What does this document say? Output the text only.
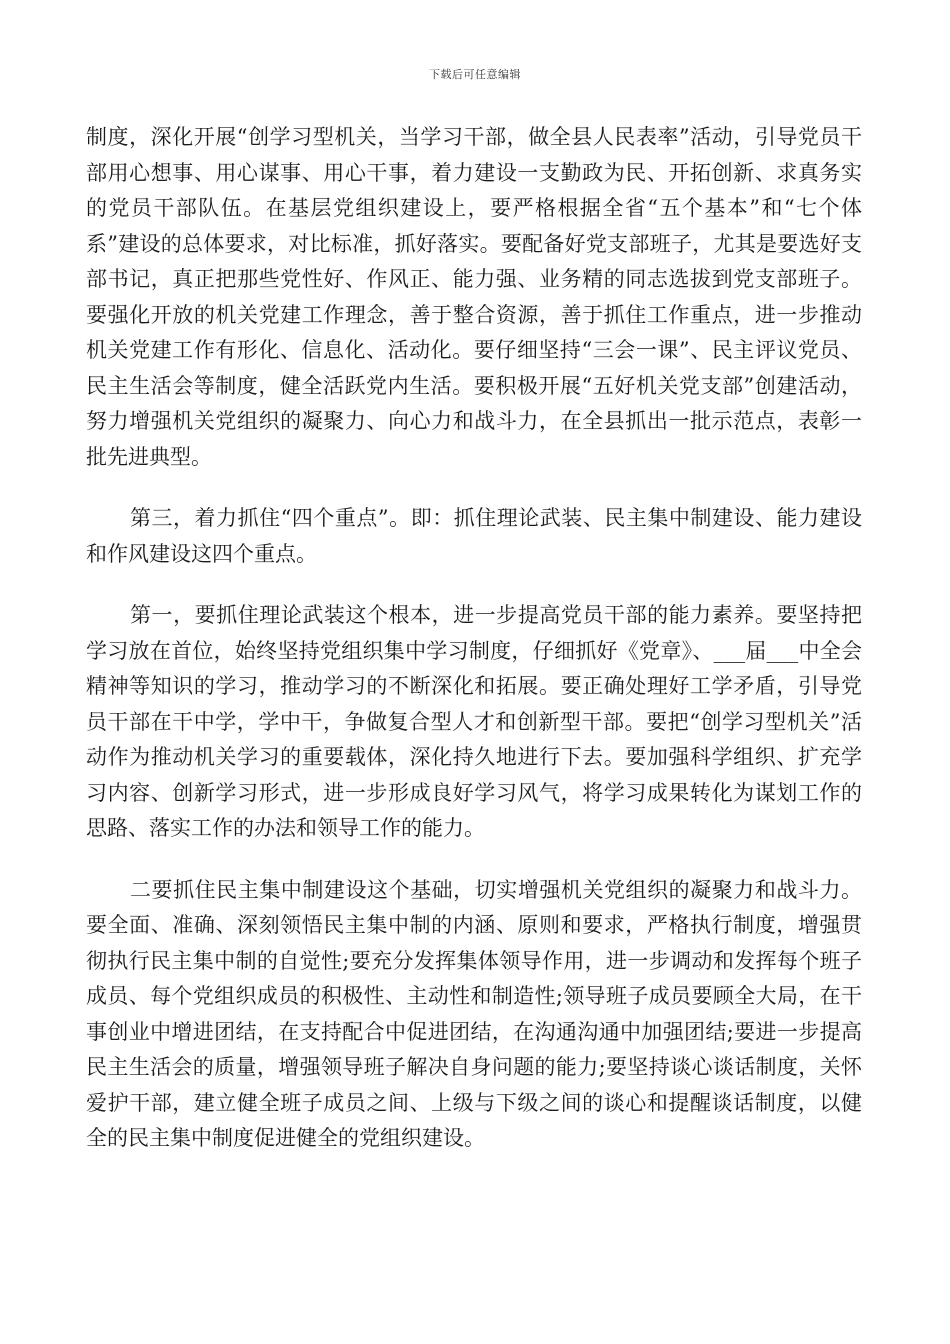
下载后可任意编辑

制度，深化开展“创学习型机关，当学习干部，做全县人民表率”活动，引导党员干部用心想事、用心谋事、用心干事，着力建设一支勤政为民、开拓创新、求真务实的党员干部队伍。在基层党组织建设上，要严格根据全省“五个基本”和“七个体系”建设的总体要求，对比标准，抓好落实。要配备好党支部班子，尤其是要选好支部书记，真正把那些党性好、作风正、能力强、业务精的同志选拔到党支部班子。要强化开放的机关党建工作理念，善于整合资源，善于抓住工作重点，进一步推动机关党建工作有形化、信息化、活动化。要仔细坚持“三会一课”、民主评议党员、民主生活会等制度，健全活跃党内生活。要积极开展“五好机关党支部”创建活动，努力增强机关党组织的凝聚力、向心力和战斗力，在全县抓出一批示范点，表彰一批先进典型。

第三，着力抓住“四个重点”。即：抓住理论武装、民主集中制建设、能力建设和作风建设这四个重点。

第一，要抓住理论武装这个根本，进一步提高党员干部的能力素养。要坚持把学习放在首位，始终坚持党组织集中学习制度，仔细抓好《党章》、___届___中全会精神等知识的学习，推动学习的不断深化和拓展。要正确处理好工学矛盾，引导党员干部在干中学，学中干，争做复合型人才和创新型干部。要把“创学习型机关”活动作为推动机关学习的重要载体，深化持久地进行下去。要加强科学组织、扩充学习内容、创新学习形式，进一步形成良好学习风气，将学习成果转化为谋划工作的思路、落实工作的办法和领导工作的能力。

二要抓住民主集中制建设这个基础，切实增强机关党组织的凝聚力和战斗力。要全面、准确、深刻领悟民主集中制的内涵、原则和要求，严格执行制度，增强贯彻执行民主集中制的自觉性;要充分发挥集体领导作用，进一步调动和发挥每个班子成员、每个党组织成员的积极性、主动性和制造性;领导班子成员要顾全大局，在干事创业中增进团结，在支持配合中促进团结，在沟通沟通中加强团结;要进一步提高民主生活会的质量，增强领导班子解决自身问题的能力;要坚持谈心谈话制度，关怀爱护干部，建立健全班子成员之间、上级与下级之间的谈心和提醒谈话制度，以健全的民主集中制度促进健全的党组织建设。
